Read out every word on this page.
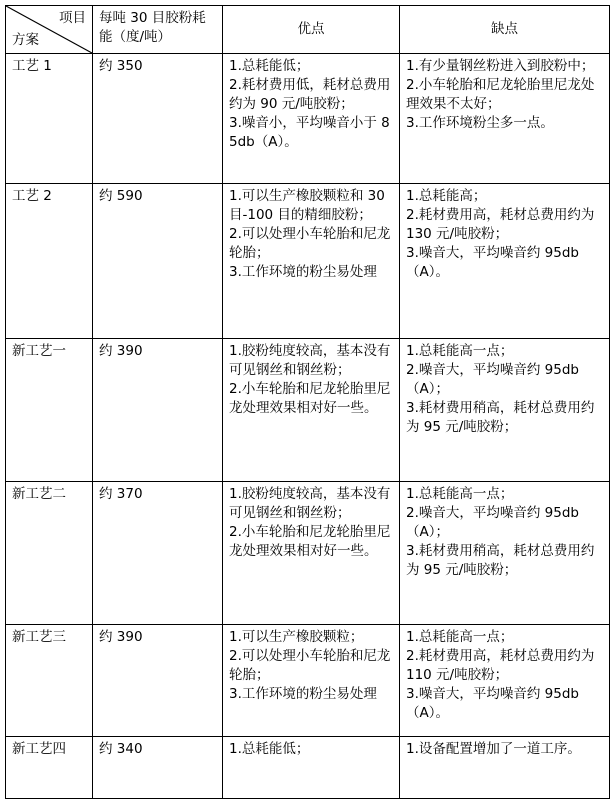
项目
方案	每吨 30 目胶粉耗能（度/吨）	优点	缺点
工艺 1	约 350	1.总耗能低；
2.耗材费用低，耗材总费用约为 90 元/吨胶粉；
3.噪音小，平均噪音小于 85db（A）。	1.有少量钢丝粉进入到胶粉中；
2.小车轮胎和尼龙轮胎里尼龙处理效果不太好；
3.工作环境粉尘多一点。

工艺 2	约 590	1.可以生产橡胶颗粒和 30 目-100 目的精细胶粉；
2.可以处理小车轮胎和尼龙轮胎；
3.工作环境的粉尘易处理	1.总耗能高；
2.耗材费用高，耗材总费用约为 130 元/吨胶粉；
3.噪音大，平均噪音约 95db（A）。

新工艺一	约 390	1.胶粉纯度较高，基本没有可见钢丝和钢丝粉；
2.小车轮胎和尼龙轮胎里尼龙处理效果相对好一些。	1.总耗能高一点；
2.噪音大，平均噪音约 95db（A）；
3.耗材费用稍高，耗材总费用约为 95 元/吨胶粉；

新工艺二	约 370	1.胶粉纯度较高，基本没有可见钢丝和钢丝粉；
2.小车轮胎和尼龙轮胎里尼龙处理效果相对好一些。	1.总耗能高一点；
2.噪音大，平均噪音约 95db（A）；
3.耗材费用稍高，耗材总费用约为 95 元/吨胶粉；

新工艺三	约 390	1.可以生产橡胶颗粒；
2.可以处理小车轮胎和尼龙轮胎；
3.工作环境的粉尘易处理	1.总耗能高一点；
2.耗材费用高，耗材总费用约为 110 元/吨胶粉；
3.噪音大，平均噪音约 95db（A）。

新工艺四	约 340	1.总耗能低；	1.设备配置增加了一道工序。
